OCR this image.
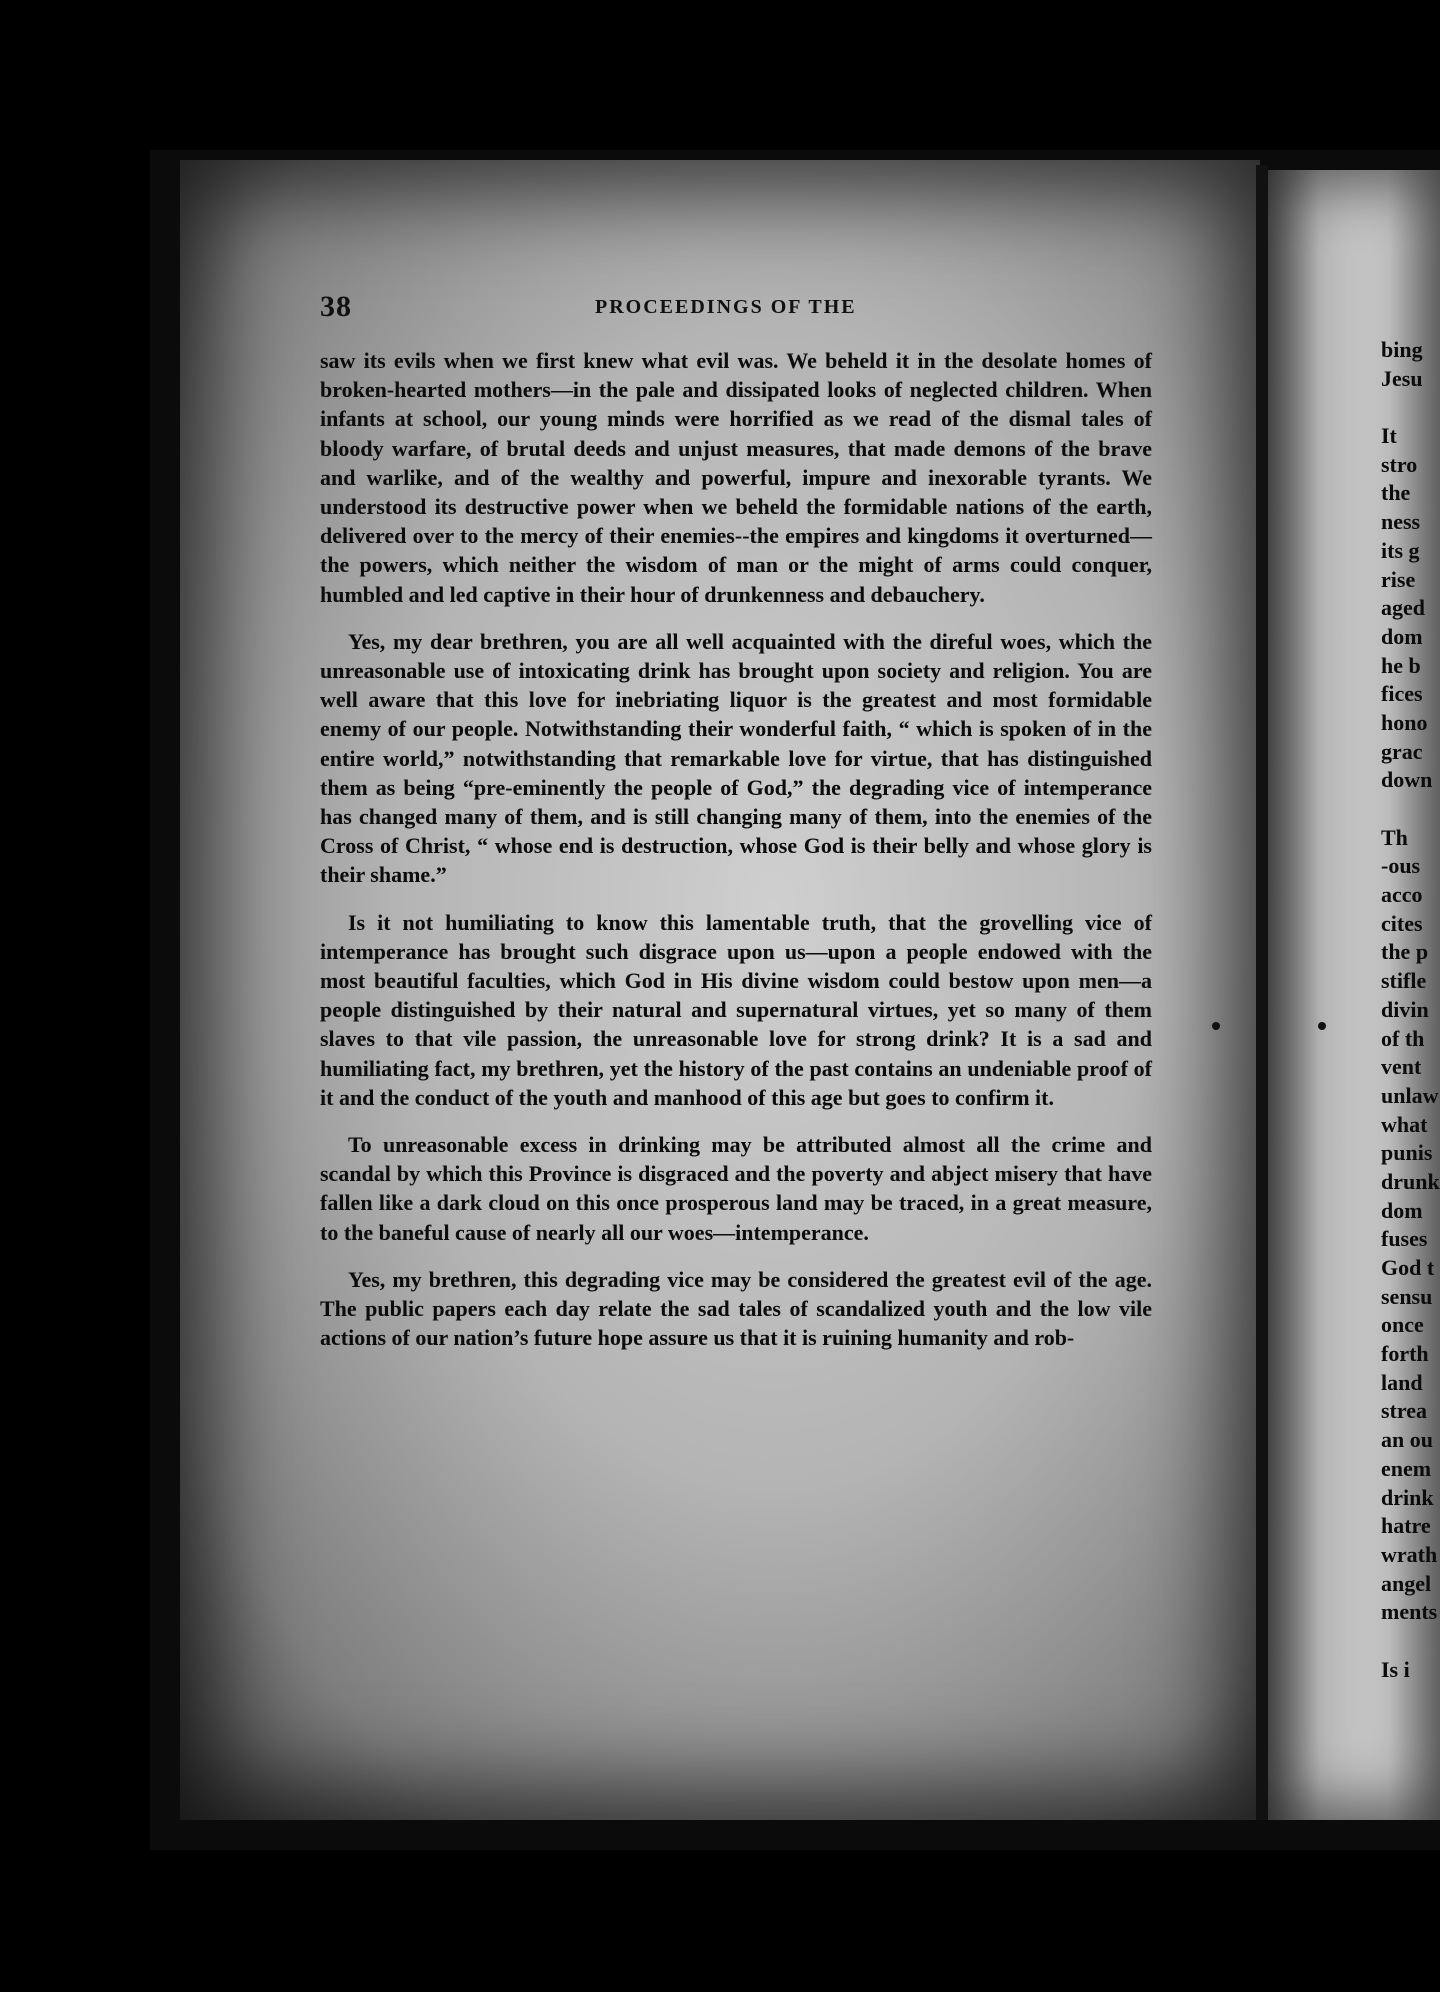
38	PROCEEDINGS OF THE

saw its evils when we first knew what evil was. We beheld it in the desolate homes of broken-hearted mothers—in the pale and dissipated looks of neglected children. When infants at school, our young minds were horrified as we read of the dismal tales of bloody warfare, of brutal deeds and unjust measures, that made demons of the brave and warlike, and of the wealthy and powerful, impure and inexorable tyrants. We understood its destructive power when we beheld the formidable nations of the earth, delivered over to the mercy of their enemies--the empires and kingdoms it overturned—the powers, which neither the wisdom of man or the might of arms could conquer, humbled and led captive in their hour of drunkenness and debauchery.

Yes, my dear brethren, you are all well acquainted with the direful woes, which the unreasonable use of intoxicating drink has brought upon society and religion. You are well aware that this love for inebriating liquor is the greatest and most formidable enemy of our people. Notwithstanding their wonderful faith, “ which is spoken of in the entire world,” notwithstanding that remarkable love for virtue, that has distinguished them as being “pre-eminently the people of God,” the degrading vice of intemperance has changed many of them, and is still changing many of them, into the enemies of the Cross of Christ, “ whose end is destruction, whose God is their belly and whose glory is their shame.”

Is it not humiliating to know this lamentable truth, that the grovelling vice of intemperance has brought such disgrace upon us—upon a people endowed with the most beautiful faculties, which God in His divine wisdom could bestow upon men—a people distinguished by their natural and supernatural virtues, yet so many of them slaves to that vile passion, the unreasonable love for strong drink? It is a sad and humiliating fact, my brethren, yet the history of the past contains an undeniable proof of it and the conduct of the youth and manhood of this age but goes to confirm it.

To unreasonable excess in drinking may be attributed almost all the crime and scandal by which this Province is disgraced and the poverty and abject misery that have fallen like a dark cloud on this once prosperous land may be traced, in a great measure, to the baneful cause of nearly all our woes—intemperance.

Yes, my brethren, this degrading vice may be considered the greatest evil of the age. The public papers each day relate the sad tales of scandalized youth and the low vile actions of our nation’s future hope assure us that it is ruining humanity and rob-

bing
Jesu
It
stro
the
ness
its g
rise
aged
dom
he b
fices
hono
grac
down
Th
-ous
acco
cites
the p
stifle
divin
of th
vent
unlaw
what
punis
drunk
dom
fuses
God t
sensu
once
forth
land
strea
an ou
enem
drink
hatre
wrath
angel
ments
Is i
